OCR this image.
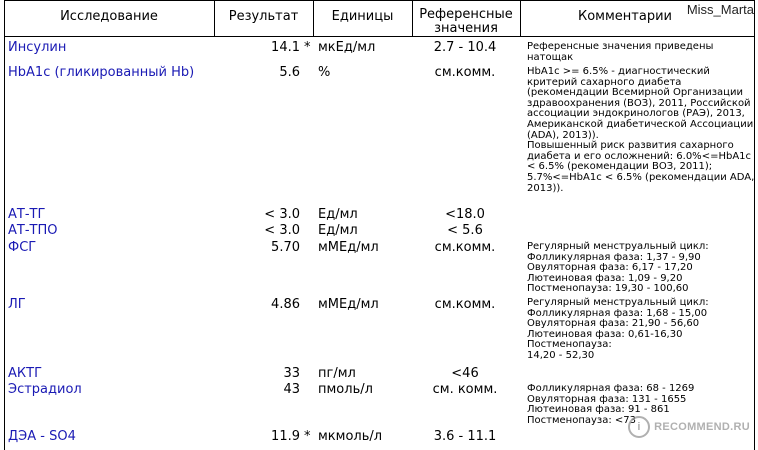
Исследование	Результат	Единицы	Референсные
значения
Комментарии	Miss_Marta
Инсулин	14.1 * мкЕд/мл	2.7 - 10.4	Референсные значения приведены
натощак
HbA1c (гликированный Hb)	5.6 %	см.комм.	HbA1c >= 6.5% - диагностический
критерий сахарного диабета
(рекомендации Всемирной Организации
здравоохранения (ВОЗ), 2011, Российской
ассоциации эндокринологов (РАЭ), 2013,
Американской диабетической Ассоциации
(ADA), 2013)).
Повышенный риск развития сахарного
диабета и его осложнений: 6.0%<=HbA1c
< 6.5% (рекомендации ВОЗ, 2011);
5.7%<=HbA1c < 6.5% (рекомендации ADA,
2013)).
АТ-ТГ	< 3.0 Ед/мл	<18.0
АТ-ТПО	< 3.0 Ед/мл	< 5.6
ФСГ	5.70 мМЕд/мл	см.комм.	Регулярный менструальный цикл:
Фолликулярная фаза: 1,37 - 9,90
Овуляторная фаза: 6,17 - 17,20
Лютеиновая фаза: 1,09 - 9,20
Постменопауза: 19,30 - 100,60
ЛГ	4.86 мМЕд/мл	см.комм.	Регулярный менструальный цикл:
Фолликулярная фаза: 1,68 - 15,00
Овуляторная фаза: 21,90 - 56,60
Лютеиновая фаза: 0,61-16,30
Постменопауза:
14,20 - 52,30
АКТГ	33 пг/мл	<46
Эстрадиол	43 пмоль/л	см. комм.	Фолликулярная фаза: 68 - 1269
Овуляторная фаза: 131 - 1655
Лютеиновая фаза: 91 - 861
Постменопауза: <73
ДЭА - SO4	11.9 * мкмоль/л	3.6 - 11.1
i	RECOMMEND.RU
